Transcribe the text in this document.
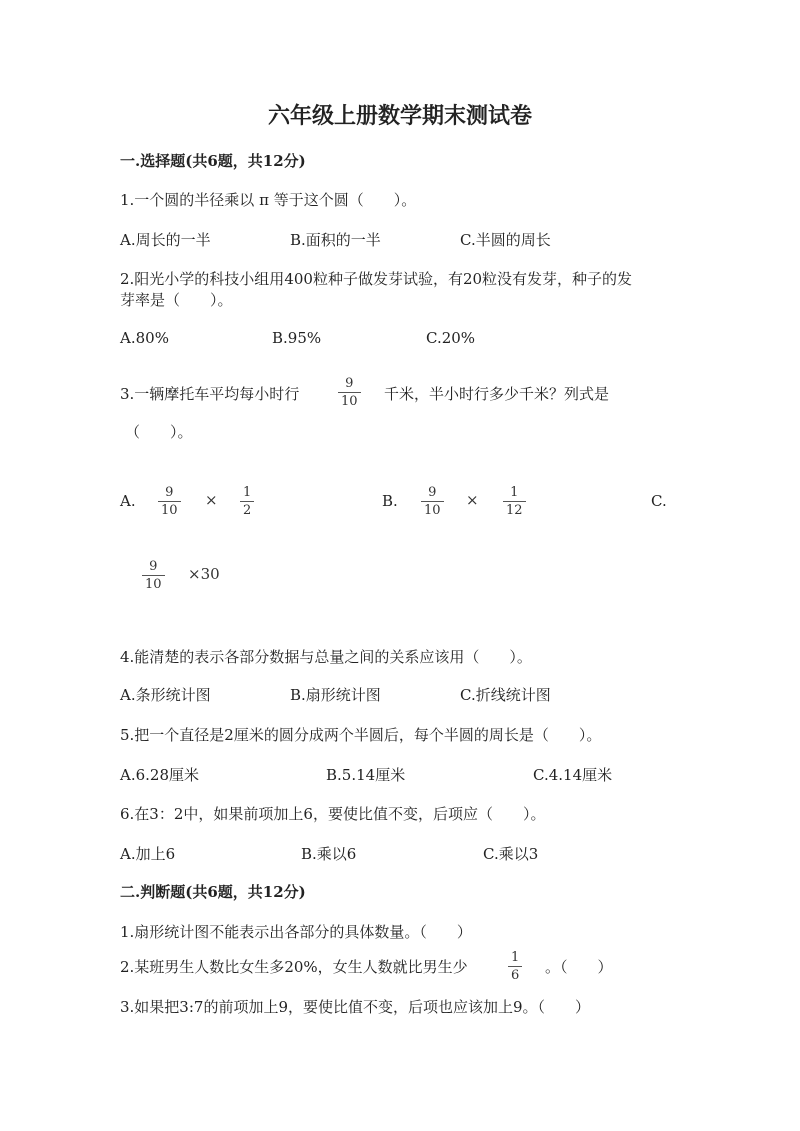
六年级上册数学期末测试卷
一.选择题(共6题，共12分)
1.一个圆的半径乘以 π 等于这个圆（　　）。
A.周长的一半	B.面积的一半	C.半圆的周长
2.阳光小学的科技小组用400粒种子做发芽试验，有20粒没有发芽，种子的发
芽率是（　　）。
A.80%	B.95%	C.20%
3.一辆摩托车平均每小时行
9
10 千米，半小时行多少千米？列式是
（　　）。
A. 9
10
× 1
2
B. 9
10
× 1
12
C.
9
10
×30
4.能清楚的表示各部分数据与总量之间的关系应该用（　　）。
A.条形统计图	B.扇形统计图	C.折线统计图
5.把一个直径是2厘米的圆分成两个半圆后，每个半圆的周长是（　　）。
A.6.28厘米	B.5.14厘米	C.4.14厘米
6.在3：2中，如果前项加上6，要使比值不变，后项应（　　）。
A.加上6	B.乘以6	C.乘以3
二.判断题(共6题，共12分)
1.扇形统计图不能表示出各部分的具体数量。（　　）
2.某班男生人数比女生多20%，女生人数就比男生少
1
6 。（　　）
3.如果把3:7的前项加上9，要使比值不变，后项也应该加上9。（　　）
